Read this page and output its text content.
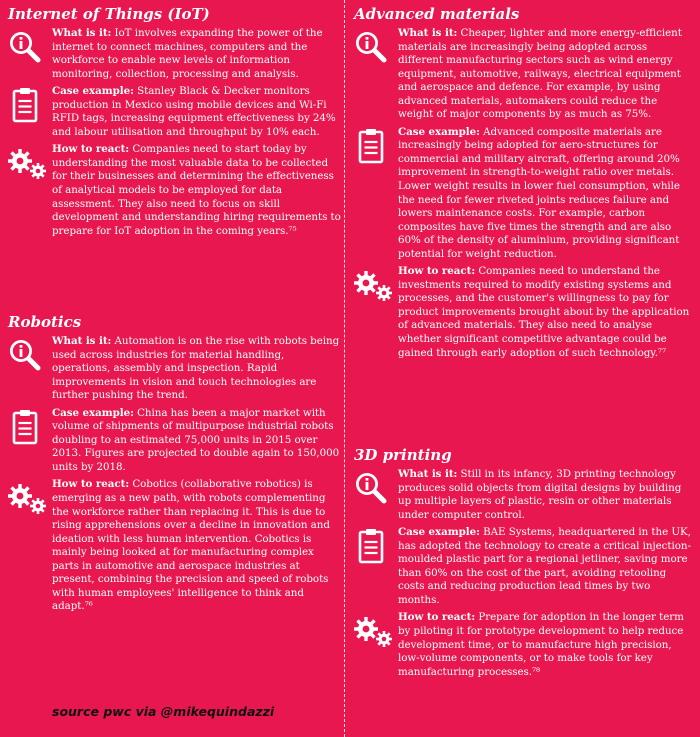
Internet of Things (IoT)

What is it: IoT involves expanding the power of the internet to connect machines, computers and the workforce to enable new levels of information monitoring, collection, processing and analysis.

Case example: Stanley Black & Decker monitors production in Mexico using mobile devices and Wi-Fi RFID tags, increasing equipment effectiveness by 24% and labour utilisation and throughput by 10% each.

How to react: Companies need to start today by understanding the most valuable data to be collected for their businesses and determining the effectiveness of analytical models to be employed for data assessment. They also need to focus on skill development and understanding hiring requirements to prepare for IoT adoption in the coming years.⁷⁵

Robotics

What is it: Automation is on the rise with robots being used across industries for material handling, operations, assembly and inspection. Rapid improvements in vision and touch technologies are further pushing the trend.

Case example: China has been a major market with volume of shipments of multipurpose industrial robots doubling to an estimated 75,000 units in 2015 over 2013. Figures are projected to double again to 150,000 units by 2018.

How to react: Cobotics (collaborative robotics) is emerging as a new path, with robots complementing the workforce rather than replacing it. This is due to rising apprehensions over a decline in innovation and ideation with less human intervention. Cobotics is mainly being looked at for manufacturing complex parts in automotive and aerospace industries at present, combining the precision and speed of robots with human employees' intelligence to think and adapt.⁷⁶

Advanced materials

What is it: Cheaper, lighter and more energy-efficient materials are increasingly being adopted across different manufacturing sectors such as wind energy equipment, automotive, railways, electrical equipment and aerospace and defence. For example, by using advanced materials, automakers could reduce the weight of major components by as much as 75%.

Case example: Advanced composite materials are increasingly being adopted for aero-structures for commercial and military aircraft, offering around 20% improvement in strength-to-weight ratio over metals. Lower weight results in lower fuel consumption, while the need for fewer riveted joints reduces failure and lowers maintenance costs. For example, carbon composites have five times the strength and are also 60% of the density of aluminium, providing significant potential for weight reduction.

How to react: Companies need to understand the investments required to modify existing systems and processes, and the customer's willingness to pay for product improvements brought about by the application of advanced materials. They also need to analyse whether significant competitive advantage could be gained through early adoption of such technology.⁷⁷

3D printing

What is it: Still in its infancy, 3D printing technology produces solid objects from digital designs by building up multiple layers of plastic, resin or other materials under computer control.

Case example: BAE Systems, headquartered in the UK, has adopted the technology to create a critical injection-moulded plastic part for a regional jetliner, saving more than 60% on the cost of the part, avoiding retooling costs and reducing production lead times by two months.

How to react: Prepare for adoption in the longer term by piloting it for prototype development to help reduce development time, or to manufacture high precision, low-volume components, or to make tools for key manufacturing processes.⁷⁸

source pwc via @mikequindazzi
